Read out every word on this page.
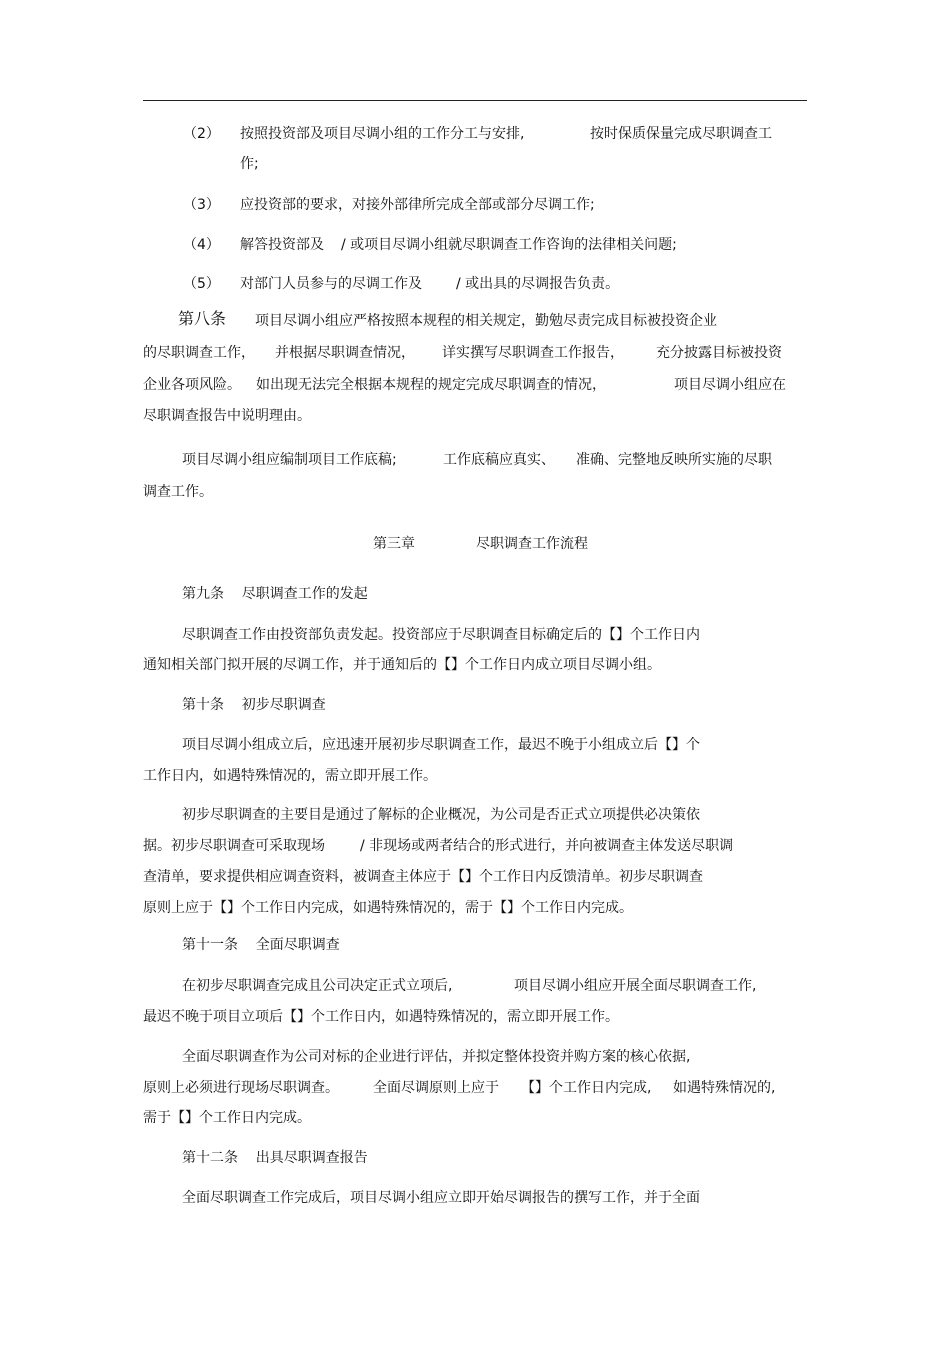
（2） 按照投资部及项目尽调小组的工作分工与安排,	按时保质保量完成尽职调查工
作;
（3） 应投资部的要求，对接外部律所完成全部或部分尽调工作;
（4） 解答投资部及 / 或项目尽调小组就尽职调查工作咨询的法律相关问题;
（5） 对部门人员参与的尽调工作及 / 或出具的尽调报告负责。
第八条 项目尽调小组应严格按照本规程的相关规定，勤勉尽责完成目标被投资企业
的尽职调查工作， 并根据尽职调查情况， 详实撰写尽职调查工作报告， 充分披露目标被投资
企业各项风险。 如出现无法完全根据本规程的规定完成尽职调查的情况，	项目尽调小组应在
尽职调查报告中说明理由。
项目尽调小组应编制项目工作底稿;	工作底稿应真实、 准确、完整地反映所实施的尽职
调查工作。
第三章	尽职调查工作流程
第九条    尽职调查工作的发起
尽职调查工作由投资部负责发起。投资部应于尽职调查目标确定后的【】个工作日内
通知相关部门拟开展的尽调工作，并于通知后的【】个工作日内成立项目尽调小组。
第十条    初步尽职调查
项目尽调小组成立后，应迅速开展初步尽职调查工作，最迟不晚于小组成立后【】个
工作日内，如遇特殊情况的，需立即开展工作。
初步尽职调查的主要目是通过了解标的企业概况，为公司是否正式立项提供必决策依
据。初步尽职调查可采取现场	/ 非现场或两者结合的形式进行，并向被调查主体发送尽职调
查清单，要求提供相应调查资料，被调查主体应于【】个工作日内反馈清单。初步尽职调查
原则上应于【】个工作日内完成，如遇特殊情况的，需于【】个工作日内完成。
第十一条    全面尽职调查
在初步尽职调查完成且公司决定正式立项后,	项目尽调小组应开展全面尽职调查工作,
最迟不晚于项目立项后【】个工作日内，如遇特殊情况的，需立即开展工作。
全面尽职调查作为公司对标的企业进行评估，并拟定整体投资并购方案的核心依据,
原则上必须进行现场尽职调查。 全面尽调原则上应于 【】个工作日内完成, 如遇特殊情况的,
需于【】个工作日内完成。
第十二条    出具尽职调查报告
全面尽职调查工作完成后，项目尽调小组应立即开始尽调报告的撰写工作，并于全面
